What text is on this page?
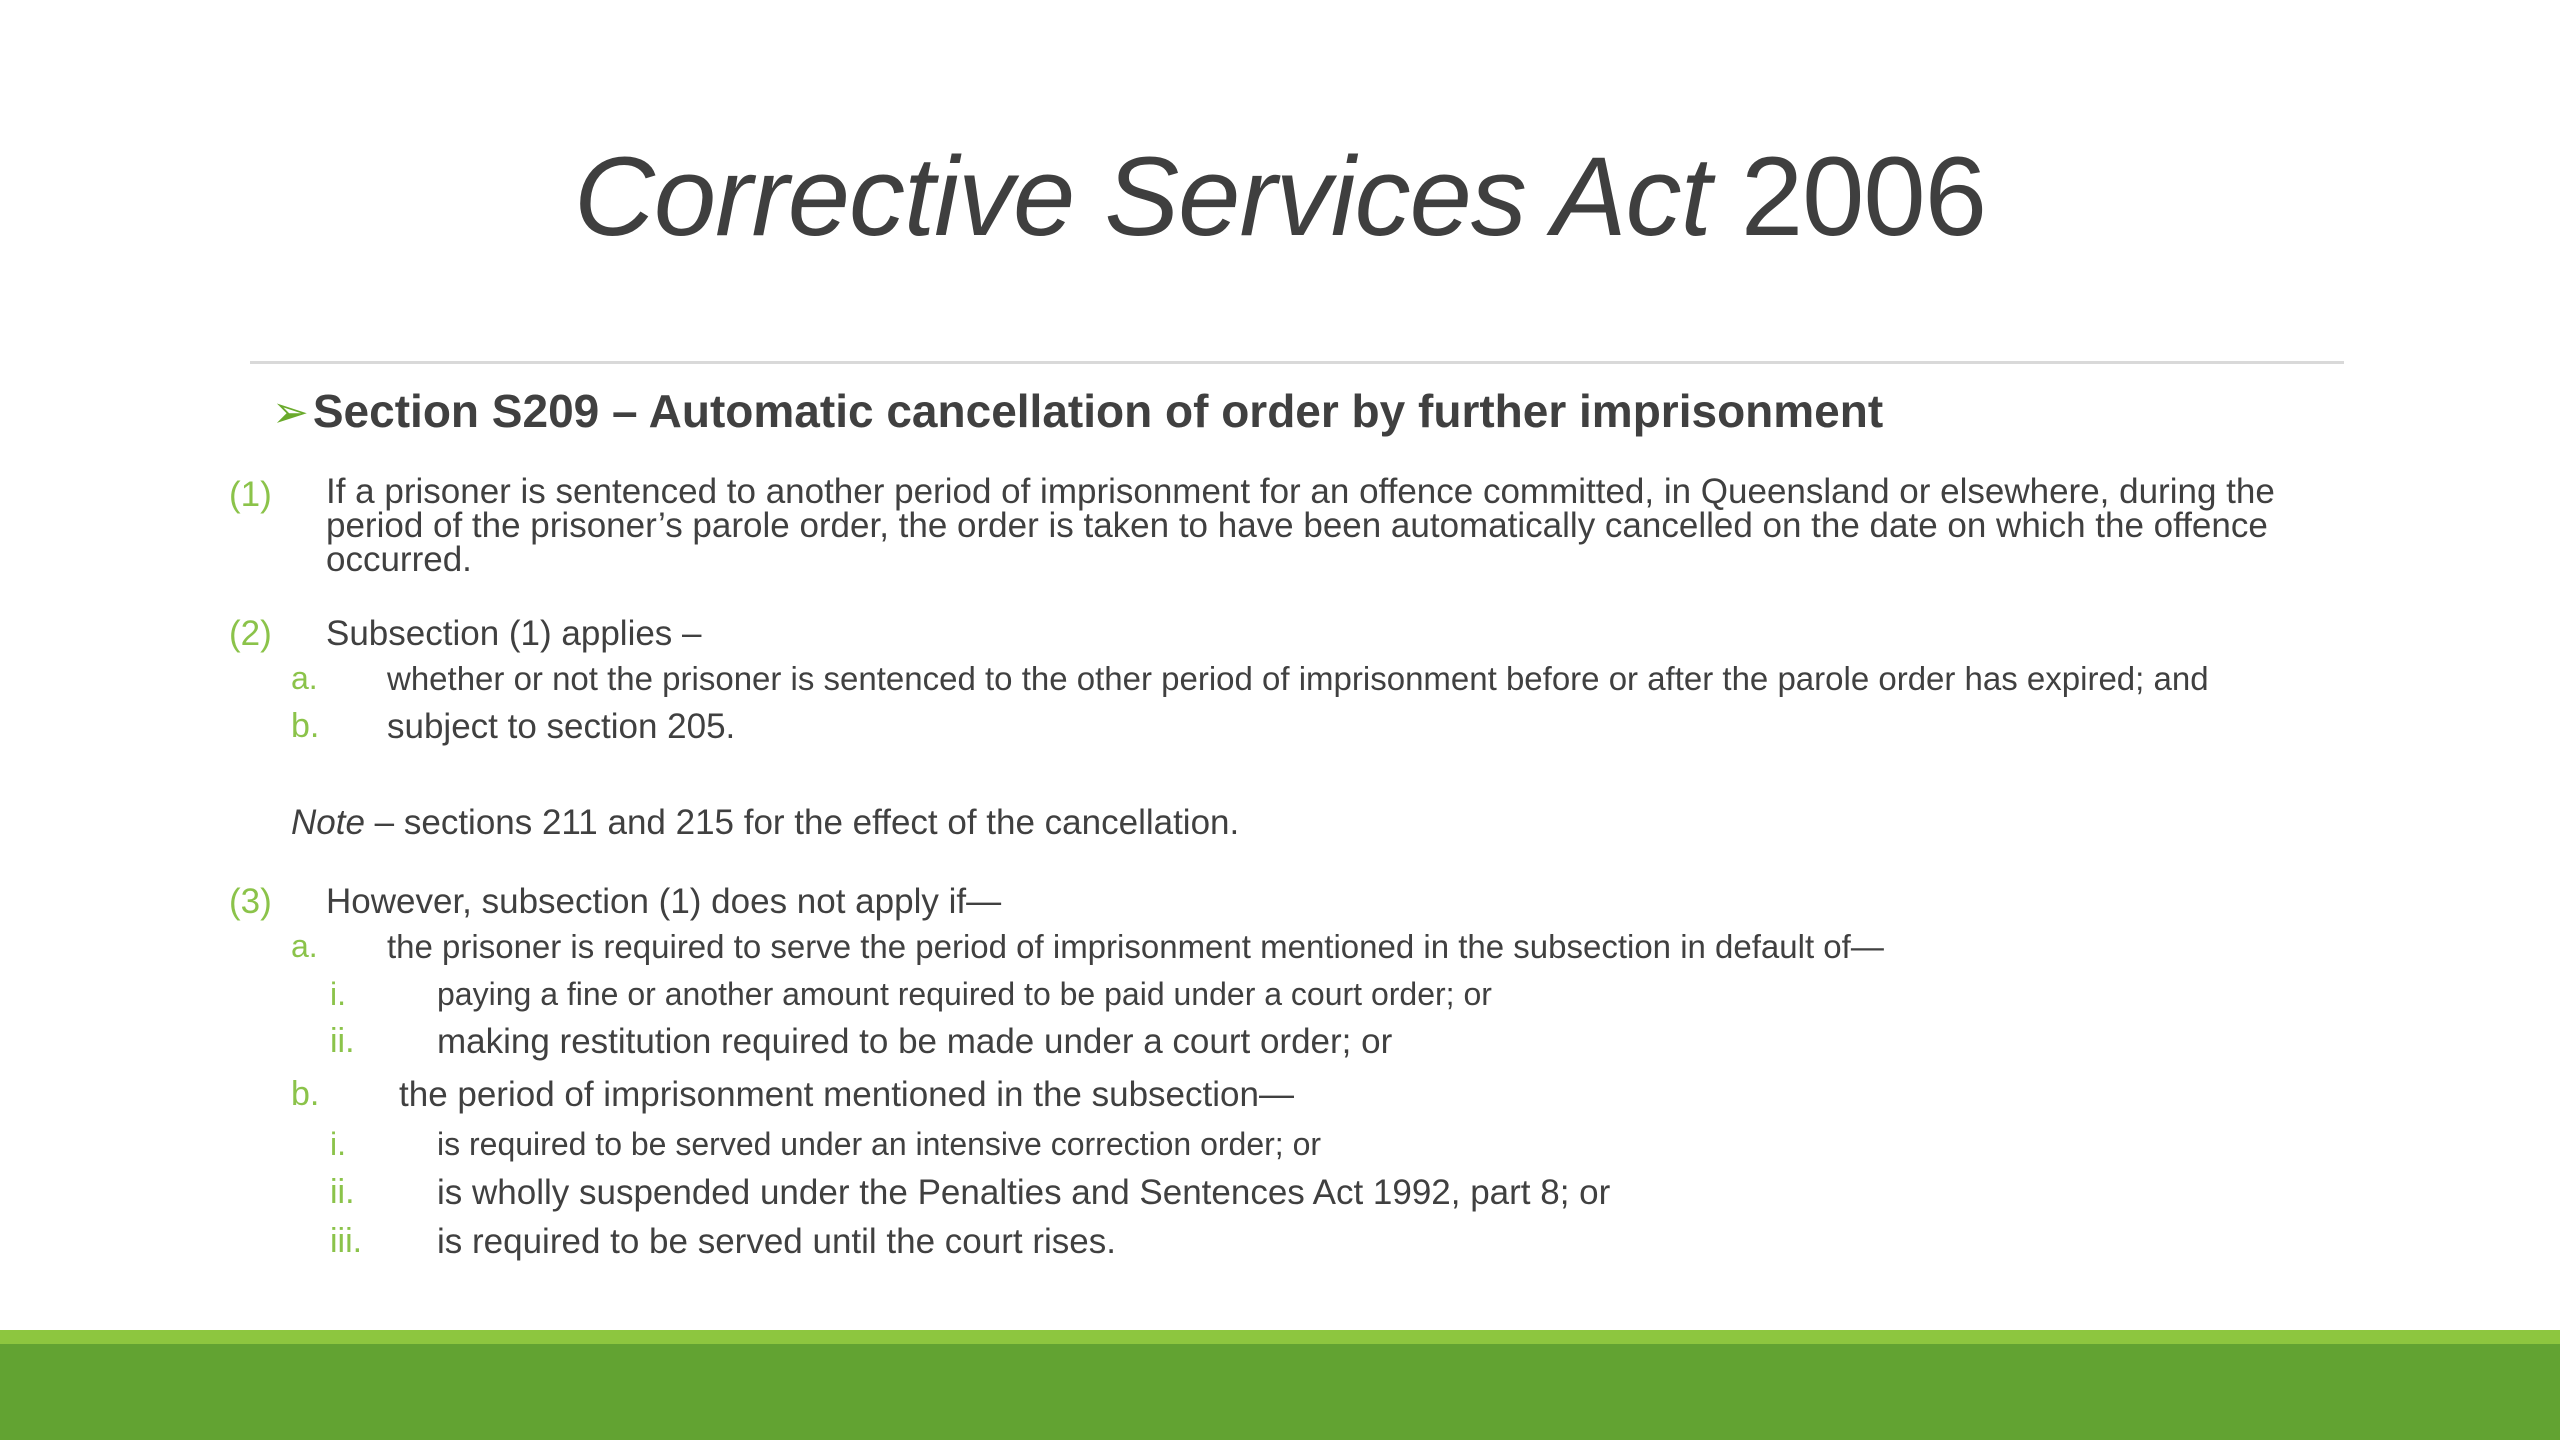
Corrective Services Act 2006
➢Section S209 – Automatic cancellation of order by further imprisonment
(1) If a prisoner is sentenced to another period of imprisonment for an offence committed, in Queensland or elsewhere, during the period of the prisoner’s parole order, the order is taken to have been automatically cancelled on the date on which the offence occurred.
(2) Subsection (1) applies –
a. whether or not the prisoner is sentenced to the other period of imprisonment before or after the parole order has expired; and
b. subject to section 205.
Note – sections 211 and 215 for the effect of the cancellation.
(3) However, subsection (1) does not apply if—
a. the prisoner is required to serve the period of imprisonment mentioned in the subsection in default of—
i.	paying a fine or another amount required to be paid under a court order; or
ii. making restitution required to be made under a court order; or
b. the period of imprisonment mentioned in the subsection—
i.	is required to be served under an intensive correction order; or
ii. is wholly suspended under the Penalties and Sentences Act 1992, part 8; or
iii. is required to be served until the court rises.
